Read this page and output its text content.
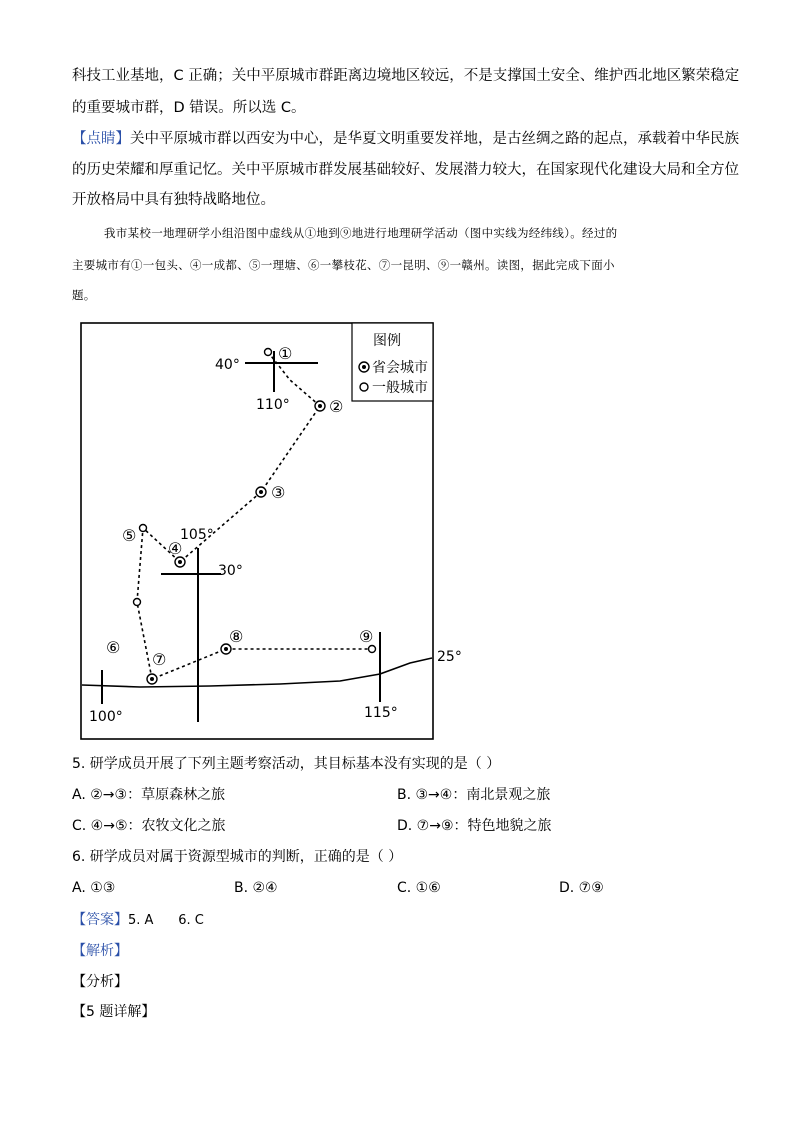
科技工业基地，C 正确；关中平原城市群距离边境地区较远，不是支撑国土安全、维护西北地区繁荣稳定
的重要城市群，D 错误。所以选 C。
【点睛】关中平原城市群以西安为中心，是华夏文明重要发祥地，是古丝绸之路的起点，承载着中华民族
的历史荣耀和厚重记忆。关中平原城市群发展基础较好、发展潜力较大，在国家现代化建设大局和全方位
开放格局中具有独特战略地位。
我市某校一地理研学小组沿图中虚线从①地到⑨地进行地理研学活动（图中实线为经纬线）。经过的
主要城市有①一包头、④一成都、⑤一理塘、⑥一攀枝花、⑦一昆明、⑨一赣州。读图，据此完成下面小
题。
图例
省会城市
一般城市
①
②
③
④
⑤
⑥
⑦
⑧	⑨
40°
110°
105°
30°
100°	115°
25°
5. 研学成员开展了下列主题考察活动，其目标基本没有实现的是（ ）
A. ②→③：草原森林之旅	B. ③→④：南北景观之旅
C. ④→⑤：农牧文化之旅	D. ⑦→⑨：特色地貌之旅
6. 研学成员对属于资源型城市的判断，正确的是（ ）
A. ①③	B. ②④	C. ①⑥	D. ⑦⑨
【答案】5. A      6. C
【解析】
【分析】
【5 题详解】
